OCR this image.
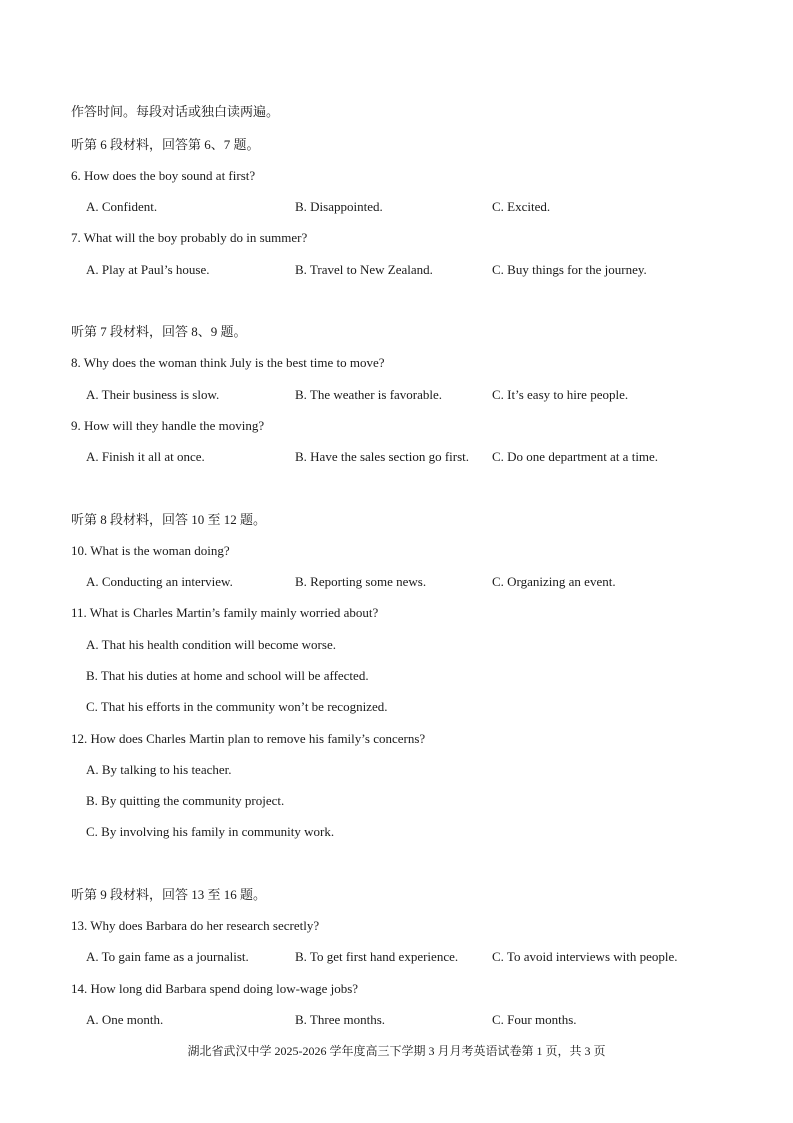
作答时间。每段对话或独白读两遍。
听第 6 段材料，回答第 6、7 题。
6. How does the boy sound at first?
A. Confident.	B. Disappointed.	C. Excited.
7. What will the boy probably do in summer?
A. Play at Paul’s house.	B. Travel to New Zealand.	C. Buy things for the journey.
听第 7 段材料，回答 8、9 题。
8. Why does the woman think July is the best time to move?
A. Their business is slow.	B. The weather is favorable.	C. It’s easy to hire people.
9. How will they handle the moving?
A. Finish it all at once.	B. Have the sales section go first. C. Do one department at a time.
听第 8 段材料，回答 10 至 12 题。
10. What is the woman doing?
A. Conducting an interview.	B. Reporting some news.	C. Organizing an event.
11. What is Charles Martin’s family mainly worried about?
A. That his health condition will become worse.
B. That his duties at home and school will be affected.
C. That his efforts in the community won’t be recognized.
12. How does Charles Martin plan to remove his family’s concerns?
A. By talking to his teacher.
B. By quitting the community project.
C. By involving his family in community work.
听第 9 段材料，回答 13 至 16 题。
13. Why does Barbara do her research secretly?
A. To gain fame as a journalist.	B. To get first hand experience.	C. To avoid interviews with people.
14. How long did Barbara spend doing low-wage jobs?
A. One month.	B. Three months.	C. Four months.
湖北省武汉中学 2025-2026 学年度高三下学期 3 月月考英语试卷第 1 页，共 3 页
